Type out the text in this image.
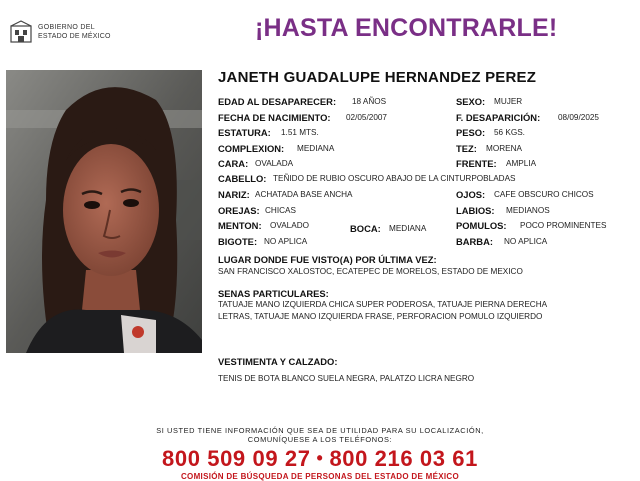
GOBIERNO DEL
ESTADO DE MÉXICO	¡HASTA ENCONTRARLE!
JANETH GUADALUPE HERNANDEZ PEREZ
EDAD AL DESAPARECER: 18 AÑOS	SEXO: MUJER
FECHA DE NACIMIENTO: 02/05/2007	F. DESAPARICIÓN: 08/09/2025
ESTATURA: 1.51 MTS.	PESO: 56 KGS.
COMPLEXION: MEDIANA	TEZ: MORENA
CARA: OVALADA	FRENTE: AMPLIA
CABELLO: TEÑIDO DE RUBIO OSCURO ABAJO DE LA CINTURPOBLADAS
NARIZ: ACHATADA BASE ANCHA	OJOS: CAFE OBSCURO CHICOS
OREJAS: CHICAS	LABIOS: MEDIANOS
MENTON: OVALADO	BOCA: MEDIANA	POMULOS: POCO PROMINENTES
BIGOTE: NO APLICA	BARBA: NO APLICA
LUGAR DONDE FUE VISTO(A) POR ÚLTIMA VEZ:
SAN FRANCISCO XALOSTOC, ECATEPEC DE MORELOS, ESTADO DE MEXICO
SENAS PARTICULARES:
TATUAJE MANO IZQUIERDA CHICA SUPER PODEROSA, TATUAJE PIERNA DERECHA
LETRAS, TATUAJE MANO IZQUIERDA FRASE, PERFORACION POMULO IZQUIERDO
VESTIMENTA Y CALZADO:
TENIS DE BOTA BLANCO SUELA NEGRA, PALATZO LICRA NEGRO
SI USTED TIENE INFORMACIÓN QUE SEA DE UTILIDAD PARA SU LOCALIZACIÓN,
COMUNÍQUESE A LOS TELÉFONOS:
800 509 09 27 • 800 216 03 61
COMISIÓN DE BÚSQUEDA DE PERSONAS DEL ESTADO DE MÉXICO
